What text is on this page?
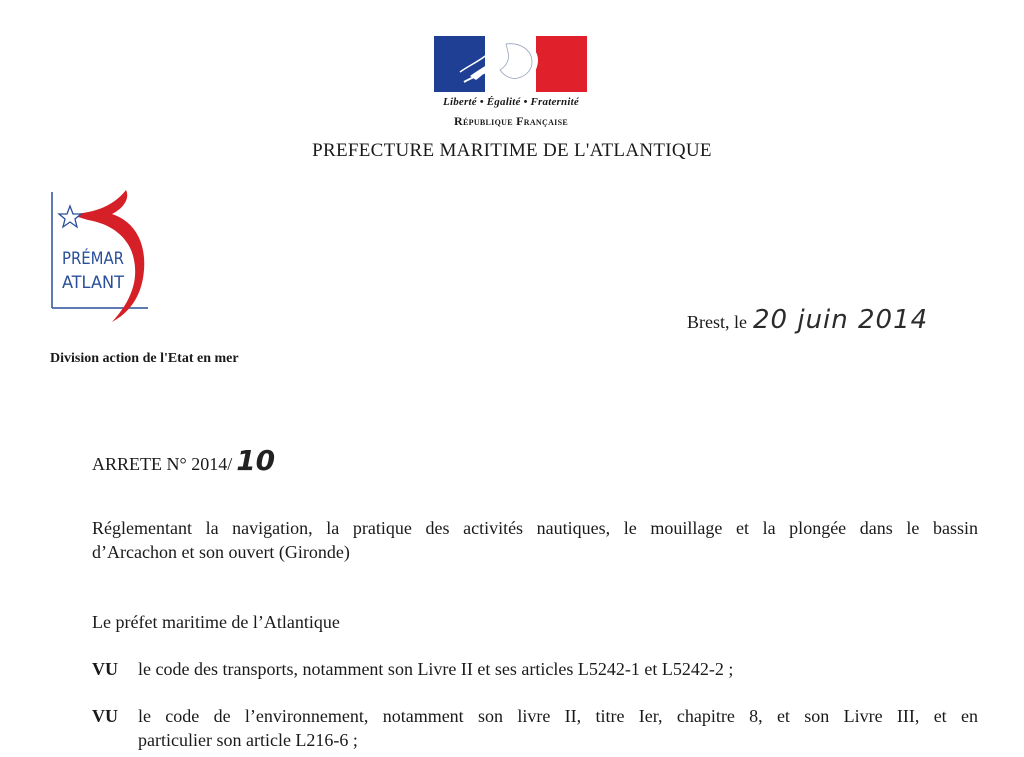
Liberté • Égalité • Fraternité
République Française
PREFECTURE MARITIME DE L'ATLANTIQUE
PRÉMAR
ATLANT
Division action de l'Etat en mer
Brest, le 20 juin 2014
ARRETE N° 2014/ 10
Réglementant la navigation, la pratique des activités nautiques, le mouillage et la plongée dans le bassin
d’Arcachon et son ouvert (Gironde)
Le préfet maritime de l’Atlantique
VU le code des transports, notamment son Livre II et ses articles L5242-1 et L5242-2 ;
VU le code de l’environnement, notamment son livre II, titre Ier, chapitre 8, et son Livre III, et en
particulier son article L216-6 ;
